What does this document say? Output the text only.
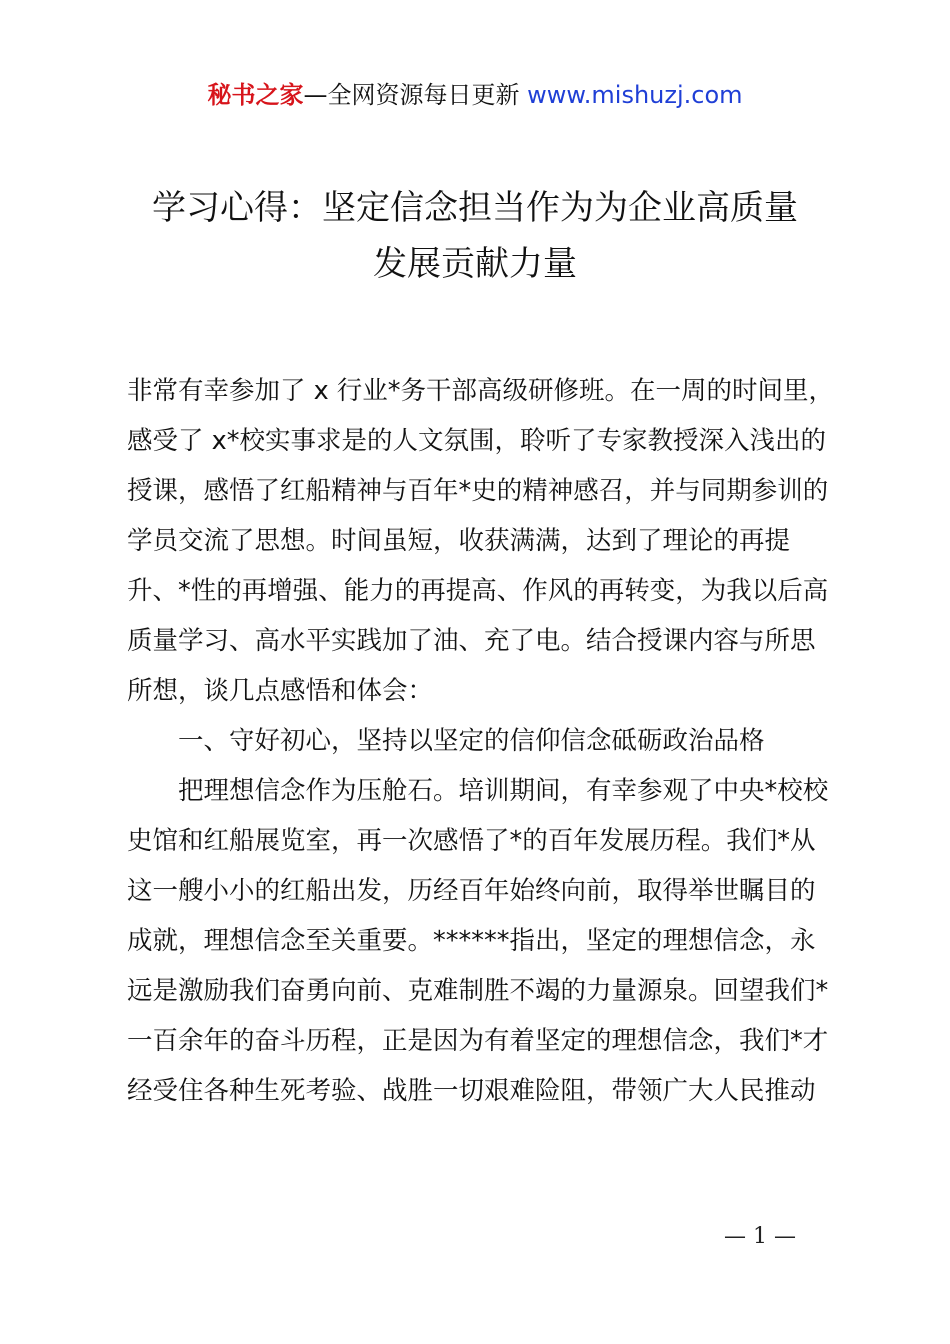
秘书之家—全网资源每日更新 www.mishuzj.com
学习心得：坚定信念担当作为为企业高质量
发展贡献力量

非常有幸参加了 x 行业*务干部高级研修班。在一周的时间里，感受了 x*校实事求是的人文氛围，聆听了专家教授深入浅出的授课，感悟了红船精神与百年*史的精神感召，并与同期参训的学员交流了思想。时间虽短，收获满满，达到了理论的再提升、*性的再增强、能力的再提高、作风的再转变，为我以后高质量学习、高水平实践加了油、充了电。结合授课内容与所思所想，谈几点感悟和体会：

一、守好初心，坚持以坚定的信仰信念砥砺政治品格

把理想信念作为压舱石。培训期间，有幸参观了中央*校校史馆和红船展览室，再一次感悟了*的百年发展历程。我们*从这一艘小小的红船出发，历经百年始终向前，取得举世瞩目的成就，理想信念至关重要。******指出，坚定的理想信念，永远是激励我们奋勇向前、克难制胜不竭的力量源泉。回望我们*一百余年的奋斗历程，正是因为有着坚定的理想信念，我们*才经受住各种生死考验、战胜一切艰难险阻，带领广大人民推动

— 1 —
